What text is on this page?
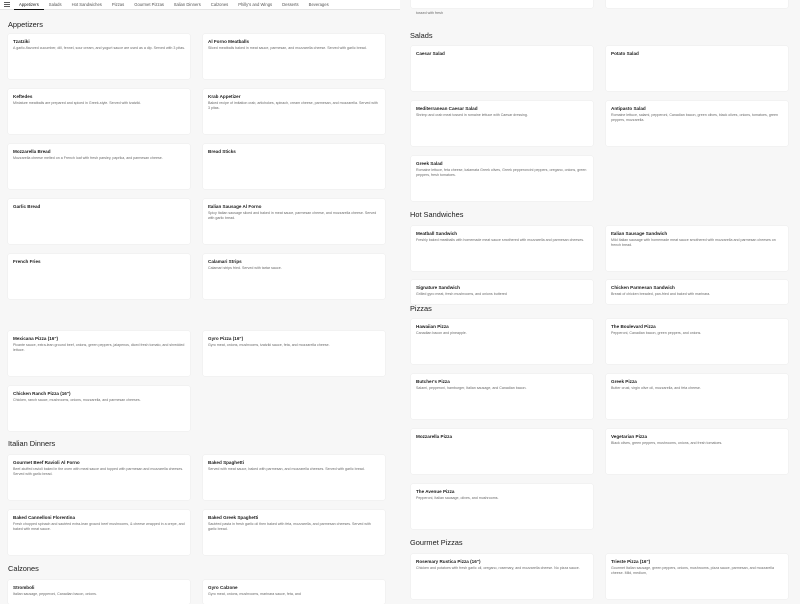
Appetizers	Salads	Hot Sandwiches	Pizzas	Gourmet Pizzas	Italian Dinners	Calzones	Philly's and Wings	Desserts	Beverages
Appetizers
Tzatziki
A garlic-flavored cucumber, dill, fennel, sour cream, and yogurt sauce are used as a dip. Served with 3 pitas.
Al Forno Meatballs
Sliced meatballs baked in meat sauce, parmesan, and mozzarella cheese. Served with garlic bread.
Keftedes
Miniature meatballs are prepared and spiced in Greek-style. Served with tzatziki.
Krab Appetizer
Baked recipe of imitation crab, artichokes, spinach, cream cheese, parmesan, and mozzarella. Served with 3 pitas.
Mozzarella Bread
Mozzarella cheese melted on a French loaf with fresh parsley, paprika, and parmesan cheese.
Bread Sticks
Garlic Bread	Italian Sausage Al Forno
Spicy Italian sausage sliced and baked in meat sauce, parmesan cheese, and mozzarella cheese. Served with garlic bread.
French Fries	Calamari Strips
Calamari strips fried. Served with tartar sauce.
Mexicana Pizza (16")
Picante sauce, extra-lean ground beef, onions, green peppers, jalapenos, diced fresh tomato, and shredded lettuce.
Gyro Pizza (16")
Gyro meat, onions, mushrooms, tzatziki sauce, feta, and mozzarella cheese.
Chicken Ranch Pizza (16")
Chicken, ranch sauce, mushrooms, onions, mozzarella, and parmesan cheeses.
Italian Dinners
Gourmet Beef Ravioli Al Forno
Beef-stuffed ravioli baked in the oven with meat sauce and topped with parmesan and mozzarella cheeses. Served with garlic bread.
Baked Spaghetti
Served with meat sauce, baked with parmesan, and mozzarella cheeses. Served with garlic bread.
Baked Cannelloni Florentina
Fresh chopped spinach and sautéed extra-lean ground beef mushrooms, & cheese wrapped in a crepe, and baked with meat sauce.
Baked Greek Spaghetti
Sautéed pasta in fresh garlic oil then baked with feta, mozzarella, and parmesan cheeses. Served with garlic bread.
Calzones
Stromboli
Italian sausage, pepperoni, Canadian bacon, onions.
Gyro Calzone
Gyro meat, onions, mushrooms, marinara sauce, feta, and
tossed with fresh
Salads
Caesar Salad	Potato Salad
Mediterranean Caesar Salad
Shrimp and crab meat tossed in romaine lettuce with Caesar dressing.
Antipasto Salad
Romaine lettuce, salami, pepperoni, Canadian bacon, green olives, black olives, onions, tomatoes, green peppers, mozzarella.
Greek Salad
Romaine lettuce, feta cheese, kalamata Greek olives, Greek pepperoncini peppers, oregano, onions, green peppers, fresh tomatoes.
Hot Sandwiches
Meatball Sandwich
Freshly baked meatballs with homemade meat sauce smothered with mozzarella and parmesan cheeses.
Italian Sausage Sandwich
Mild Italian sausage with homemade meat sauce smothered with mozzarella and parmesan cheeses on french bread.
Signature Sandwich
Grilled gyro meat, fresh mushrooms, and onions buttered
Chicken Parmesan Sandwich
Breast of chicken breaded, pan-fried and baked with marinara.
Pizzas
Hawaiian Pizza
Canadian bacon and pineapple.
The Boulevard Pizza
Pepperoni, Canadian bacon, green peppers, and onions.
Butcher's Pizza
Salami, pepperoni, hamburger, Italian sausage, and Canadian bacon.
Greek Pizza
Butter crust, virgin olive oil, mozzarella, and feta cheese.
Mozzarella Pizza	Vegetarian Pizza
Black olives, green peppers, mushrooms, onions, and fresh tomatoes.
The Avenue Pizza
Pepperoni, Italian sausage, olives, and mushrooms.
Gourmet Pizzas
Rosemary Rustica Pizza (16")
Chicken and potatoes with fresh garlic oil, oregano, rosemary, and mozzarella cheese. No pizza sauce.
Trieste Pizza (16")
Gourmet Italian sausage, green peppers, onions, mushrooms, pizza sauce, parmesan, and mozzarella cheese. Mild, medium,
